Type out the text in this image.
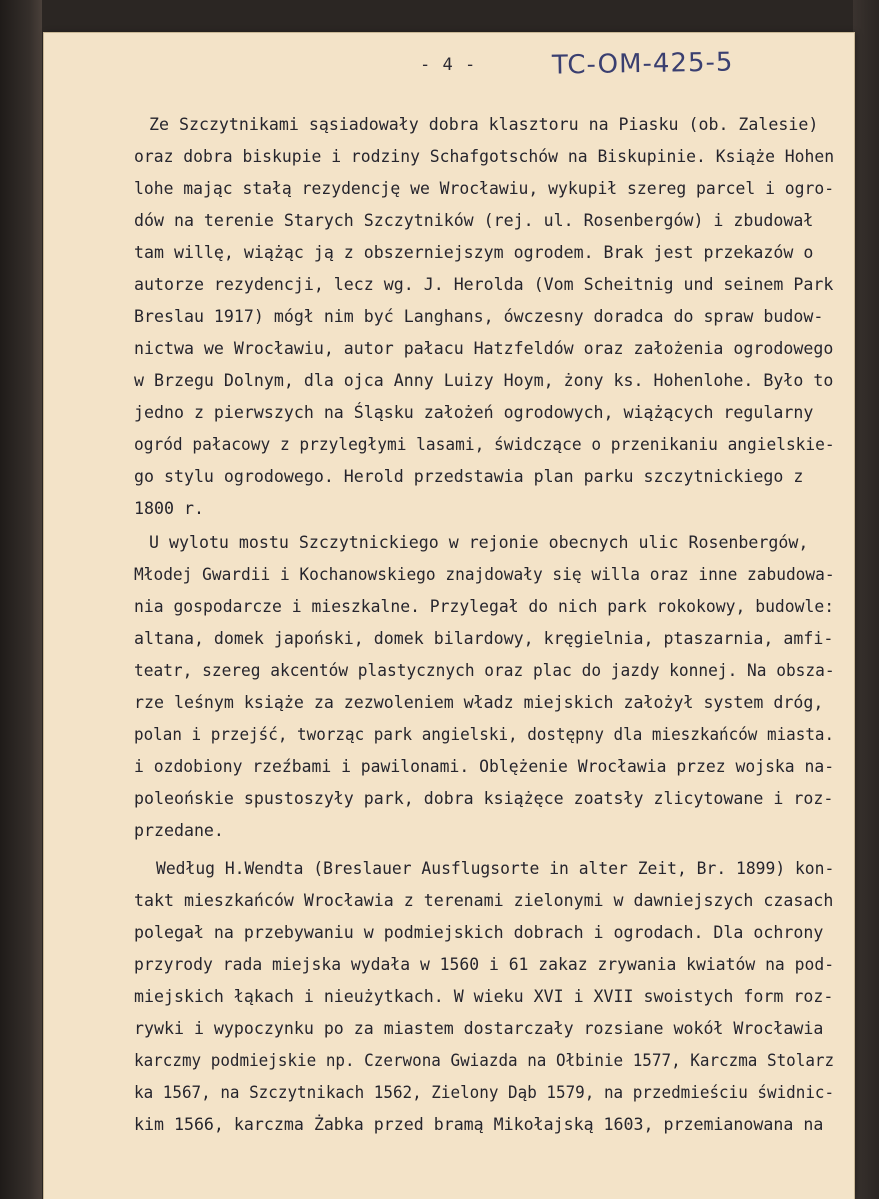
- 4 -	TC-OM-425-5
Ze Szczytnikami sąsiadowały dobra klasztoru na Piasku (ob. Zalesie)
oraz dobra biskupie i rodziny Schafgotschów na Biskupinie. Książe Hohen
lohe mając stałą rezydencję we Wrocławiu, wykupił szereg parcel i ogro-
dów na terenie Starych Szczytników (rej. ul. Rosenbergów) i zbudował
tam willę, wiążąc ją z obszerniejszym ogrodem. Brak jest przekazów o
autorze rezydencji, lecz wg. J. Herolda (Vom Scheitnig und seinem Park
Breslau 1917) mógł nim być Langhans, ówczesny doradca do spraw budow-
nictwa we Wrocławiu, autor pałacu Hatzfeldów oraz założenia ogrodowego
w Brzegu Dolnym, dla ojca Anny Luizy Hoym, żony ks. Hohenlohe. Było to
jedno z pierwszych na Śląsku założeń ogrodowych, wiążących regularny
ogród pałacowy z przyległymi lasami, świdczące o przenikaniu angielskie-
go stylu ogrodowego. Herold przedstawia plan parku szczytnickiego z
1800 r.
U wylotu mostu Szczytnickiego w rejonie obecnych ulic Rosenbergów,
Młodej Gwardii i Kochanowskiego znajdowały się willa oraz inne zabudowa-
nia gospodarcze i mieszkalne. Przylegał do nich park rokokowy, budowle:
altana, domek japoński, domek bilardowy, kręgielnia, ptaszarnia, amfi-
teatr, szereg akcentów plastycznych oraz plac do jazdy konnej. Na obsza-
rze leśnym książe za zezwoleniem władz miejskich założył system dróg,
polan i przejść, tworząc park angielski, dostępny dla mieszkańców miasta.
i ozdobiony rzeźbami i pawilonami. Oblężenie Wrocławia przez wojska na-
poleońskie spustoszyły park, dobra książęce zoatsły zlicytowane i roz-
przedane.
Według H.Wendta (Breslauer Ausflugsorte in alter Zeit, Br. 1899) kon-
takt mieszkańców Wrocławia z terenami zielonymi w dawniejszych czasach
polegał na przebywaniu w podmiejskich dobrach i ogrodach. Dla ochrony
przyrody rada miejska wydała w 1560 i 61 zakaz zrywania kwiatów na pod-
miejskich łąkach i nieużytkach. W wieku XVI i XVII swoistych form roz-
rywki i wypoczynku po za miastem dostarczały rozsiane wokół Wrocławia
karczmy podmiejskie np. Czerwona Gwiazda na Ołbinie 1577, Karczma Stolarz
ka 1567, na Szczytnikach 1562, Zielony Dąb 1579, na przedmieściu świdnic-
kim 1566, karczma Żabka przed bramą Mikołajską 1603, przemianowana na
